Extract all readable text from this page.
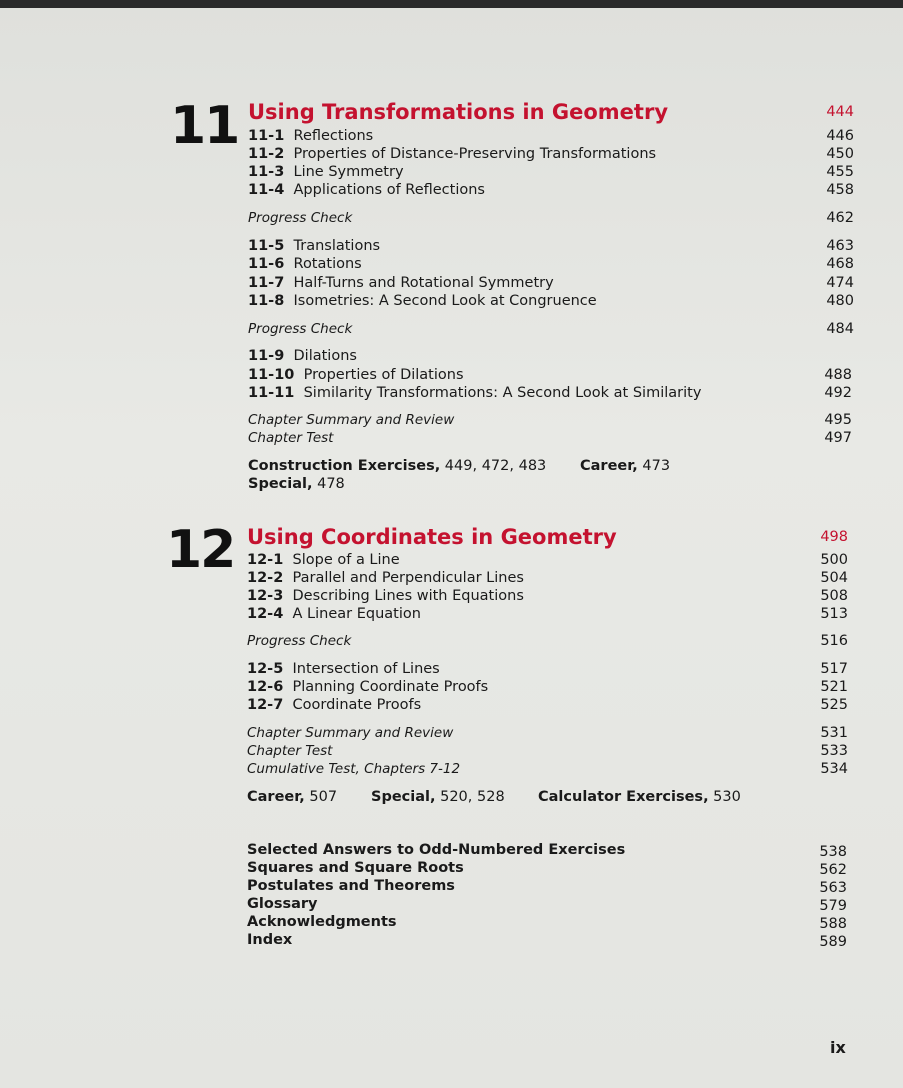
11 Using Transformations in Geometry	444
11-1  Reflections	446
11-2  Properties of Distance-Preserving Transformations	450
11-3  Line Symmetry	455
11-4  Applications of Reflections	458
Progress Check	462
11-5  Translations	463
11-6  Rotations	468
11-7  Half-Turns and Rotational Symmetry	474
11-8  Isometries: A Second Look at Congruence	480
Progress Check	484
11-9  Dilations
11-10  Properties of Dilations	488
11-11  Similarity Transformations: A Second Look at Similarity	492
Chapter Summary and Review	495
Chapter Test	497
Construction Exercises, 449, 472, 483 Career, 473
Special, 478
12 Using Coordinates in Geometry	498
12-1  Slope of a Line	500
12-2  Parallel and Perpendicular Lines	504
12-3  Describing Lines with Equations	508
12-4  A Linear Equation	513
Progress Check	516
12-5  Intersection of Lines	517
12-6  Planning Coordinate Proofs	521
12-7  Coordinate Proofs	525
Chapter Summary and Review	531
Chapter Test	533
Cumulative Test, Chapters 7-12	534
Career, 507 Special, 520, 528 Calculator Exercises, 530
Selected Answers to Odd-Numbered Exercises	538
Squares and Square Roots	562
Postulates and Theorems	563
Glossary	579
Acknowledgments	588
Index	589
ix
